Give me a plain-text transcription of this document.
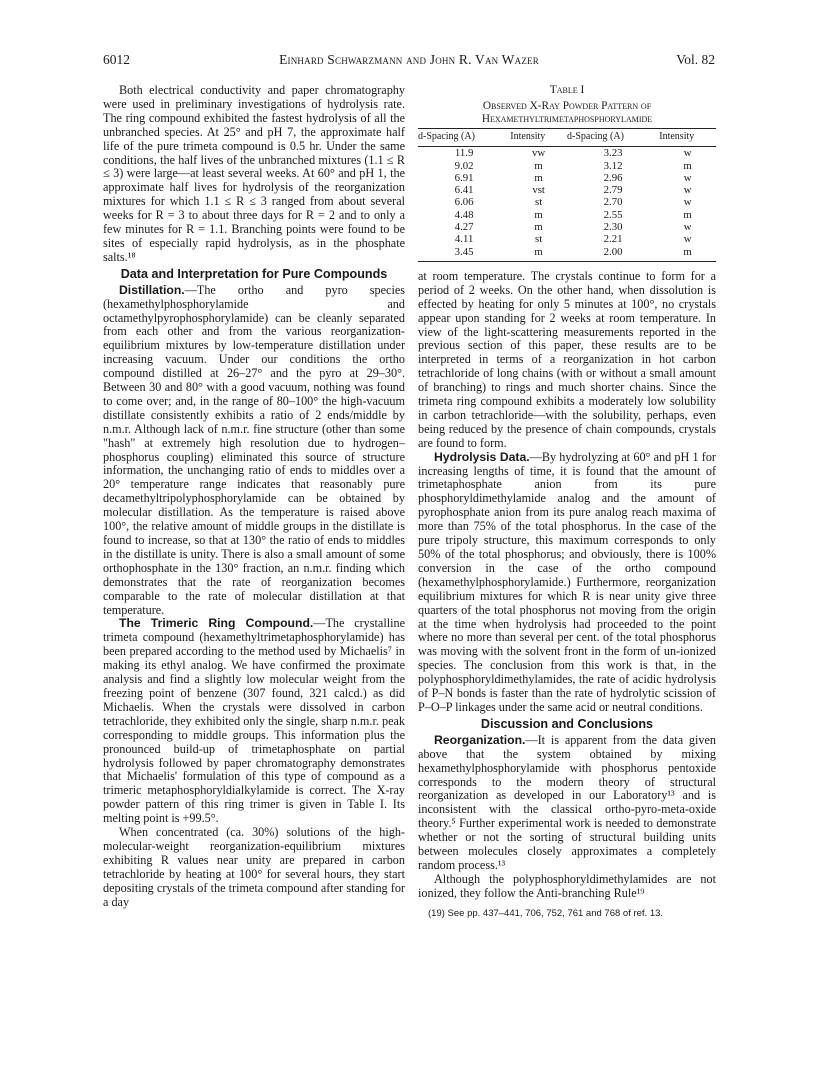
6012	Einhard Schwarzmann and John R. Van Wazer	Vol. 82

Both electrical conductivity and paper chromatography were used in preliminary investigations of hydrolysis rate. The ring compound exhibited the fastest hydrolysis of all the unbranched species. At 25° and pH 7, the approximate half life of the pure trimeta compound is 0.5 hr. Under the same conditions, the half lives of the unbranched mixtures (1.1 ≤ R ≤ 3) were large—at least several weeks. At 60° and pH 1, the approximate half lives for hydrolysis of the reorganization mixtures for which 1.1 ≤ R ≤ 3 ranged from about several weeks for R = 3 to about three days for R = 2 and to only a few minutes for R = 1.1. Branching points were found to be sites of especially rapid hydrolysis, as in the phosphate salts.¹⁸

Data and Interpretation for Pure Compounds

Distillation.—The ortho and pyro species (hexamethylphosphorylamide and octamethylpyrophosphorylamide) can be cleanly separated from each other and from the various reorganization-equilibrium mixtures by low-temperature distillation under increasing vacuum. Under our conditions the ortho compound distilled at 26–27° and the pyro at 29–30°. Between 30 and 80° with a good vacuum, nothing was found to come over; and, in the range of 80–100° the high-vacuum distillate consistently exhibits a ratio of 2 ends/middle by n.m.r. Although lack of n.m.r. fine structure (other than some "hash" at extremely high resolution due to hydrogen–phosphorus coupling) eliminated this source of structure information, the unchanging ratio of ends to middles over a 20° temperature range indicates that reasonably pure decamethyltripolyphosphorylamide can be obtained by molecular distillation. As the temperature is raised above 100°, the relative amount of middle groups in the distillate is found to increase, so that at 130° the ratio of ends to middles in the distillate is unity. There is also a small amount of some orthophosphate in the 130° fraction, an n.m.r. finding which demonstrates that the rate of reorganization becomes comparable to the rate of molecular distillation at that temperature.

The Trimeric Ring Compound.—The crystalline trimeta compound (hexamethyltrimetaphosphorylamide) has been prepared according to the method used by Michaelis⁷ in making its ethyl analog. We have confirmed the proximate analysis and find a slightly low molecular weight from the freezing point of benzene (307 found, 321 calcd.) as did Michaelis. When the crystals were dissolved in carbon tetrachloride, they exhibited only the single, sharp n.m.r. peak corresponding to middle groups. This information plus the pronounced build-up of trimetaphosphate on partial hydrolysis followed by paper chromatography demonstrates that Michaelis' formulation of this type of compound as a trimeric metaphosphoryldialkylamide is correct. The X-ray powder pattern of this ring trimer is given in Table I. Its melting point is +99.5°.

When concentrated (ca. 30%) solutions of the high-molecular-weight reorganization-equilibrium mixtures exhibiting R values near unity are prepared in carbon tetrachloride by heating at 100° for several hours, they start depositing crystals of the trimeta compound after standing for a day

Table I
Observed X-Ray Powder Pattern of Hexamethyltrimetaphosphorylamide
d-Spacing (A)	Intensity	d-Spacing (A)	Intensity
11.9	vw	3.23	w
9.02	m	3.12	m
6.91	m	2.96	w
6.41	vst	2.79	w
6.06	st	2.70	w
4.48	m	2.55	m
4.27	m	2.30	w
4.11	st	2.21	w
3.45	m	2.00	m

at room temperature. The crystals continue to form for a period of 2 weeks. On the other hand, when dissolution is effected by heating for only 5 minutes at 100°, no crystals appear upon standing for 2 weeks at room temperature. In view of the light-scattering measurements reported in the previous section of this paper, these results are to be interpreted in terms of a reorganization in hot carbon tetrachloride of long chains (with or without a small amount of branching) to rings and much shorter chains. Since the trimeta ring compound exhibits a moderately low solubility in carbon tetrachloride—with the solubility, perhaps, even being reduced by the presence of chain compounds, crystals are found to form.

Hydrolysis Data.—By hydrolyzing at 60° and pH 1 for increasing lengths of time, it is found that the amount of trimetaphosphate anion from its pure phosphoryldimethylamide analog and the amount of pyrophosphate anion from its pure analog reach maxima of more than 75% of the total phosphorus. In the case of the pure tripoly structure, this maximum corresponds to only 50% of the total phosphorus; and obviously, there is 100% conversion in the case of the ortho compound (hexamethylphosphorylamide.) Furthermore, reorganization equilibrium mixtures for which R is near unity give three quarters of the total phosphorus not moving from the origin at the time when hydrolysis had proceeded to the point where no more than several per cent. of the total phosphorus was moving with the solvent front in the form of un-ionized species. The conclusion from this work is that, in the polyphosphoryldimethylamides, the rate of acidic hydrolysis of P–N bonds is faster than the rate of hydrolytic scission of P–O–P linkages under the same acid or neutral conditions.

Discussion and Conclusions

Reorganization.—It is apparent from the data given above that the system obtained by mixing hexamethylphosphorylamide with phosphorus pentoxide corresponds to the modern theory of structural reorganization as developed in our Laboratory¹³ and is inconsistent with the classical ortho-pyro-meta-oxide theory.⁵ Further experimental work is needed to demonstrate whether or not the sorting of structural building units between molecules closely approximates a completely random process.¹³

Although the polyphosphoryldimethylamides are not ionized, they follow the Anti-branching Rule¹⁹

(19) See pp. 437–441, 706, 752, 761 and 768 of ref. 13.
